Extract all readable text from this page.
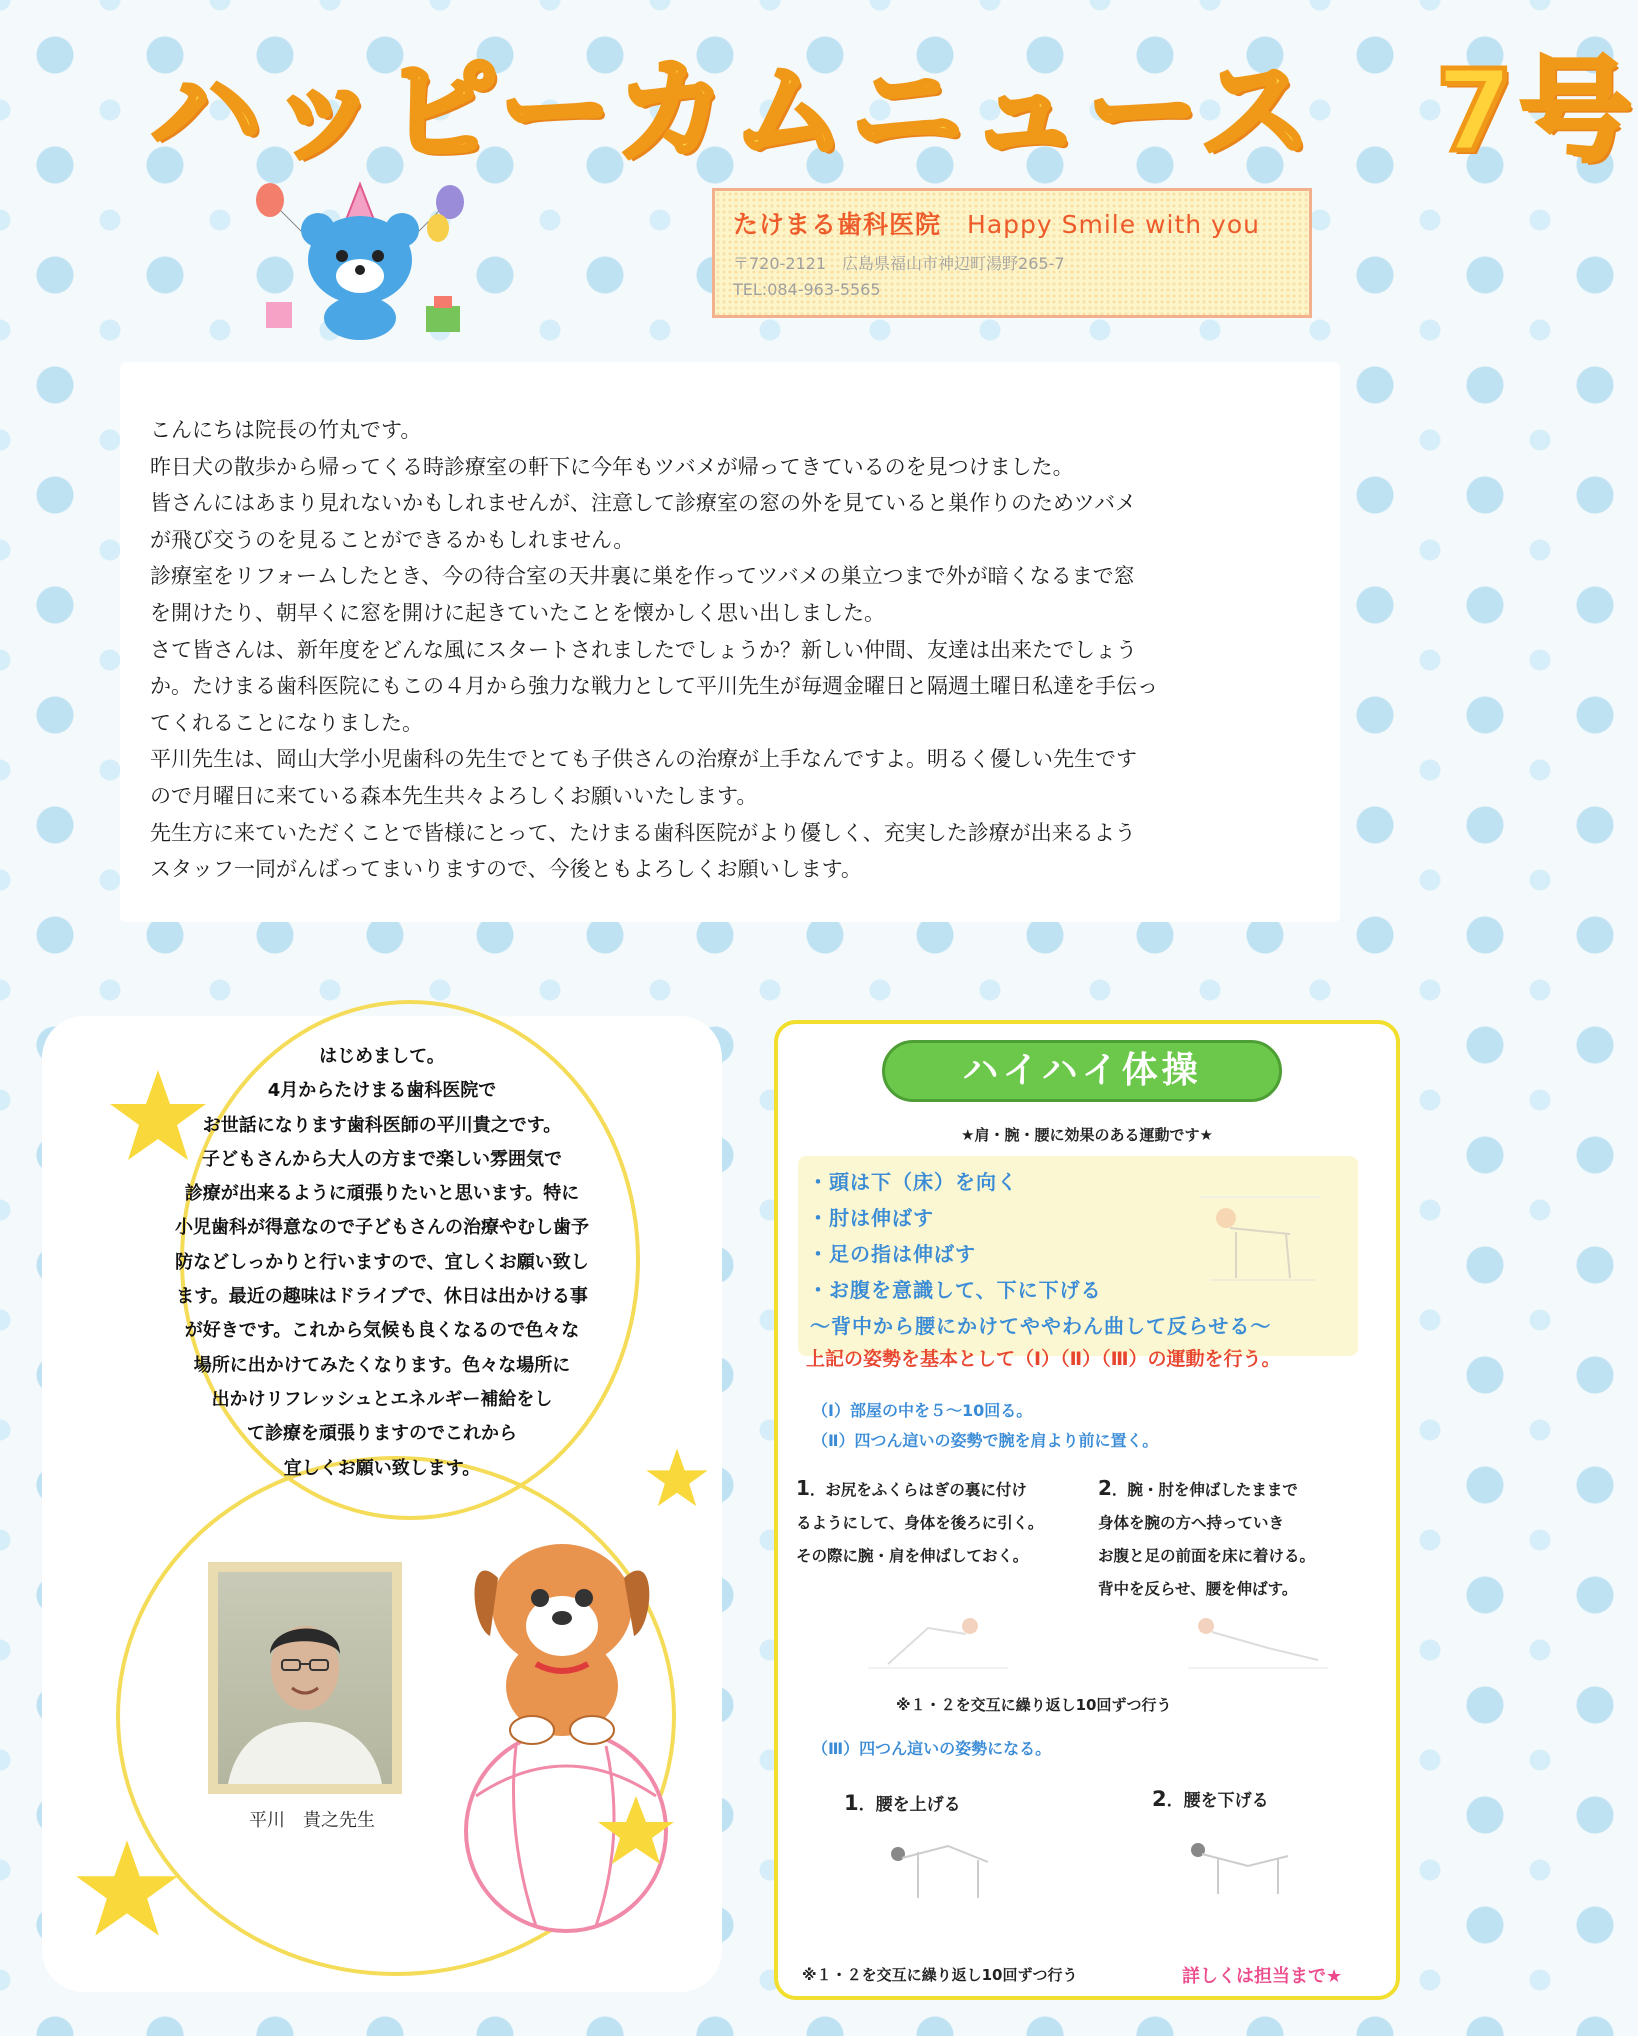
ハッピーカムニュース　7号
たけまる歯科医院 Happy Smile with you
〒720-2121　広島県福山市神辺町湯野265-7
TEL:084-963-5565

こんにちは院長の竹丸です。

昨日犬の散歩から帰ってくる時診療室の軒下に今年もツバメが帰ってきているのを見つけました。

皆さんにはあまり見れないかもしれませんが、注意して診療室の窓の外を見ていると巣作りのためツバメ

が飛び交うのを見ることができるかもしれません。

診療室をリフォームしたとき、今の待合室の天井裏に巣を作ってツバメの巣立つまで外が暗くなるまで窓

を開けたり、朝早くに窓を開けに起きていたことを懐かしく思い出しました。

さて皆さんは、新年度をどんな風にスタートされましたでしょうか？新しい仲間、友達は出来たでしょう

か。たけまる歯科医院にもこの４月から強力な戦力として平川先生が毎週金曜日と隔週土曜日私達を手伝っ

てくれることになりました。

平川先生は、岡山大学小児歯科の先生でとても子供さんの治療が上手なんですよ。明るく優しい先生です

ので月曜日に来ている森本先生共々よろしくお願いいたします。

先生方に来ていただくことで皆様にとって、たけまる歯科医院がより優しく、充実した診療が出来るよう

スタッフ一同がんばってまいりますので、今後ともよろしくお願いします。

はじめまして。
4月からたけまる歯科医院で
お世話になります歯科医師の平川貴之です。
子どもさんから大人の方まで楽しい雰囲気で
診療が出来るように頑張りたいと思います。特に
小児歯科が得意なので子どもさんの治療やむし歯予
防などしっかりと行いますので、宜しくお願い致し
ます。最近の趣味はドライブで、休日は出かける事
が好きです。これから気候も良くなるので色々な
場所に出かけてみたくなります。色々な場所に
出かけリフレッシュとエネルギー補給をし
て診療を頑張りますのでこれから
宜しくお願い致します。
平川　貴之先生
ハイハイ体操
★肩・腕・腰に効果のある運動です★
・頭は下（床）を向く
・肘は伸ばす
・足の指は伸ばす
・お腹を意識して、下に下げる
～背中から腰にかけてややわん曲して反らせる～
上記の姿勢を基本として（Ⅰ）（Ⅱ）（Ⅲ）の運動を行う。
（Ⅰ）部屋の中を５～10回る。
（Ⅱ）四つん這いの姿勢で腕を肩より前に置く。
1．お尻をふくらはぎの裏に付け
るようにして、身体を後ろに引く。
その際に腕・肩を伸ばしておく。
2．腕・肘を伸ばしたままで
身体を腕の方へ持っていき
お腹と足の前面を床に着ける。
背中を反らせ、腰を伸ばす。
※１・２を交互に繰り返し10回ずつ行う
（Ⅲ）四つん這いの姿勢になる。
1．腰を上げる	2．腰を下げる
※１・２を交互に繰り返し10回ずつ行う	詳しくは担当まで★
